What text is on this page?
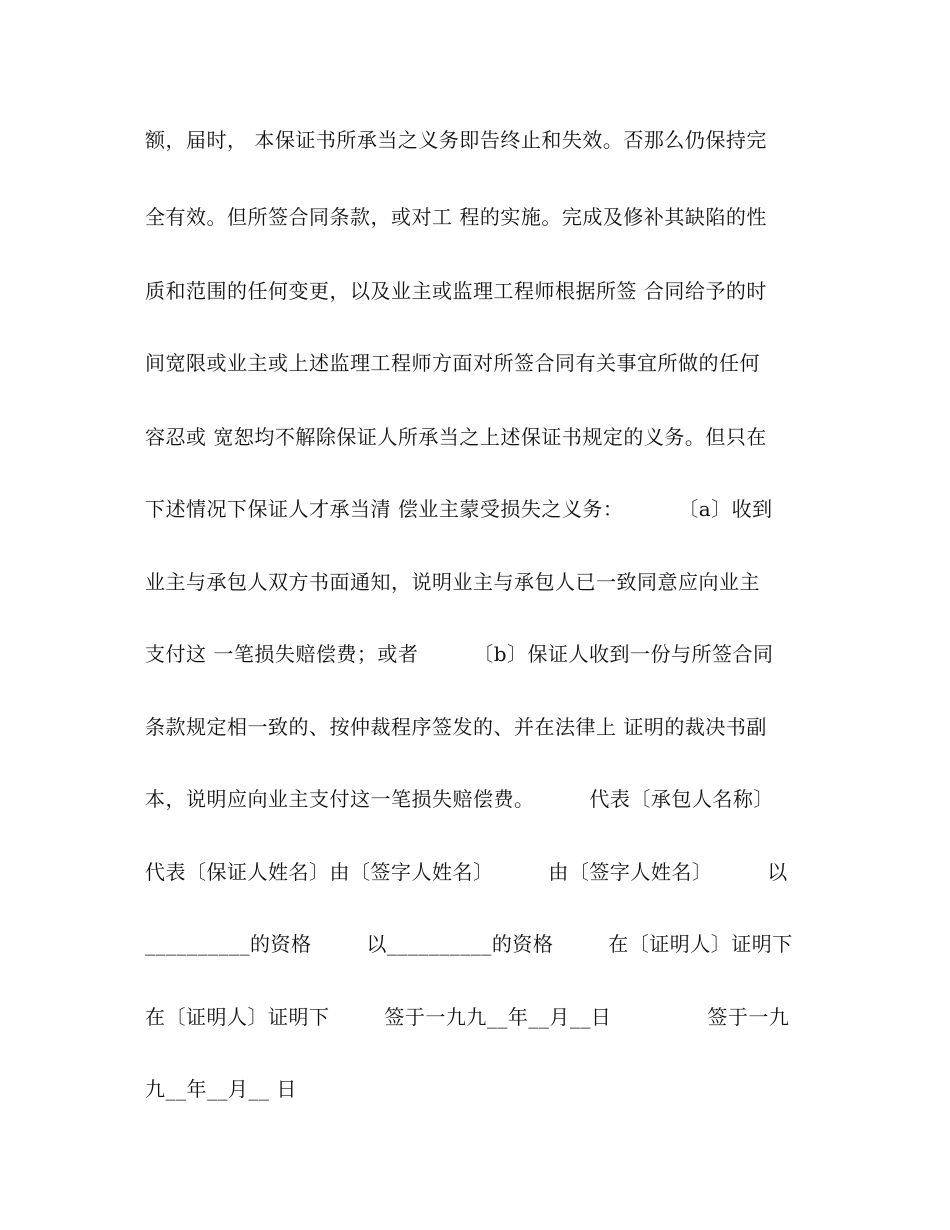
额，届时， 本保证书所承当之义务即告终止和失效。否那么仍保持完
全有效。但所签合同条款，或对工 程的实施。完成及修补其缺陷的性
质和范围的任何变更，以及业主或监理工程师根据所签 合同给予的时
间宽限或业主或上述监理工程师方面对所签合同有关事宜所做的任何
容忍或 宽恕均不解除保证人所承当之上述保证书规定的义务。但只在
下述情况下保证人才承当清 偿业主蒙受损失之义务：        〔a〕收到
业主与承包人双方书面通知，说明业主与承包人已一致同意应向业主
支付这 一笔损失赔偿费；或者        〔b〕保证人收到一份与所签合同
条款规定相一致的、按仲裁程序签发的、并在法律上 证明的裁决书副
本，说明应向业主支付这一笔损失赔偿费。        代表〔承包人名称〕
代表〔保证人姓名〕由〔签字人姓名〕        由〔签字人姓名〕        以
__________的资格        以__________的资格        在〔证明人〕证明下
在〔证明人〕证明下        签于一九九__年__月__日              签于一九
九__年__月__ 日
